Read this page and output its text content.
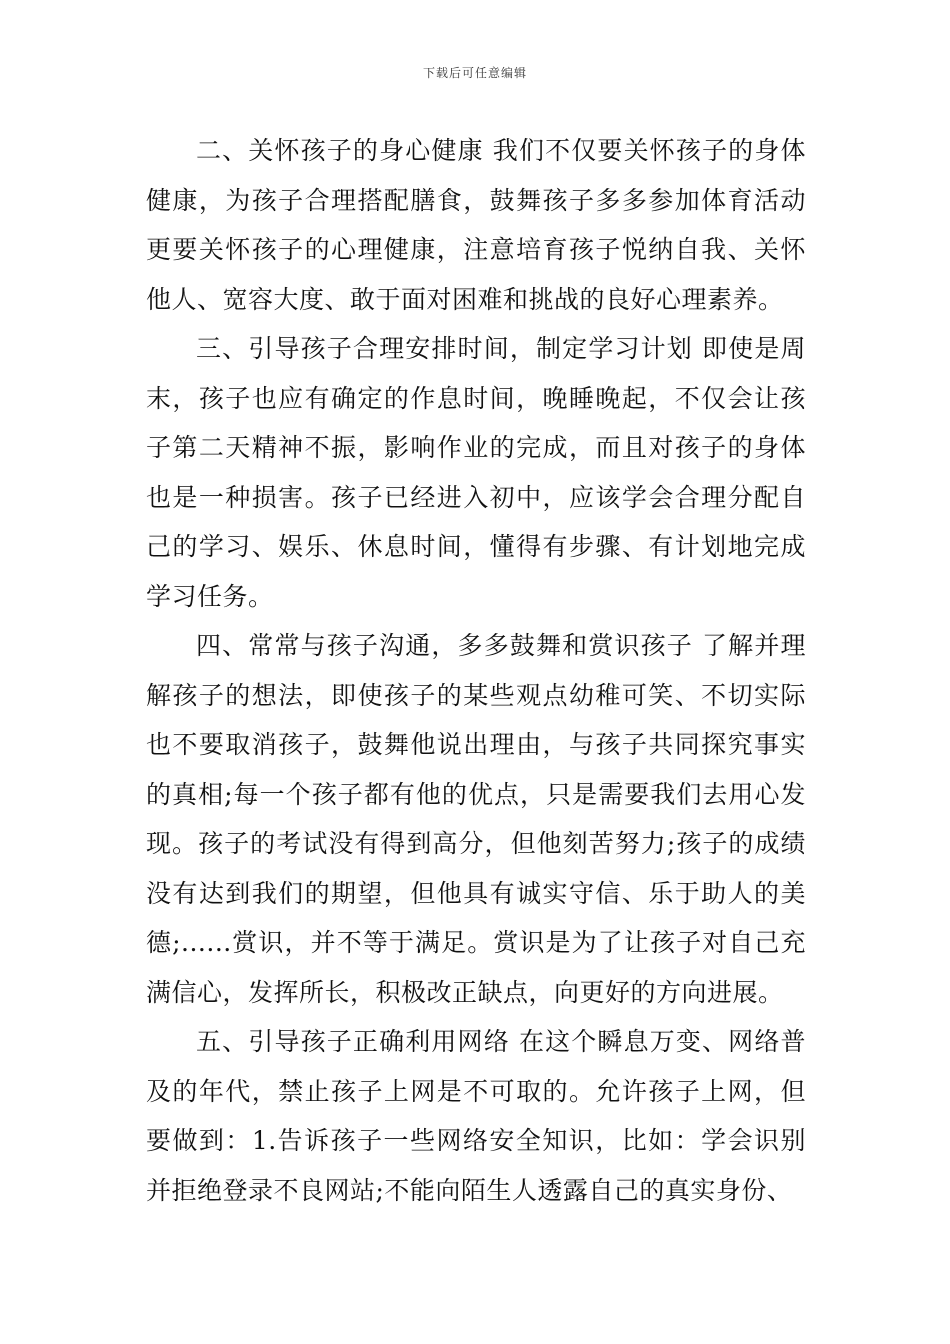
下载后可任意编辑

二、关怀孩子的身心健康 我们不仅要关怀孩子的身体健康，为孩子合理搭配膳食，鼓舞孩子多多参加体育活动更要关怀孩子的心理健康，注意培育孩子悦纳自我、关怀他人、宽容大度、敢于面对困难和挑战的良好心理素养。

三、引导孩子合理安排时间，制定学习计划 即使是周末，孩子也应有确定的作息时间，晚睡晚起，不仅会让孩子第二天精神不振，影响作业的完成，而且对孩子的身体也是一种损害。孩子已经进入初中，应该学会合理分配自己的学习、娱乐、休息时间，懂得有步骤、有计划地完成学习任务。

四、常常与孩子沟通，多多鼓舞和赏识孩子 了解并理解孩子的想法，即使孩子的某些观点幼稚可笑、不切实际也不要取消孩子，鼓舞他说出理由，与孩子共同探究事实的真相;每一个孩子都有他的优点，只是需要我们去用心发现。孩子的考试没有得到高分，但他刻苦努力;孩子的成绩没有达到我们的期望，但他具有诚实守信、乐于助人的美德;......赏识，并不等于满足。赏识是为了让孩子对自己充满信心，发挥所长，积极改正缺点，向更好的方向进展。

五、引导孩子正确利用网络 在这个瞬息万变、网络普及的年代，禁止孩子上网是不可取的。允许孩子上网，但要做到：1.告诉孩子一些网络安全知识，比如：学会识别并拒绝登录不良网站;不能向陌生人透露自己的真实身份、
